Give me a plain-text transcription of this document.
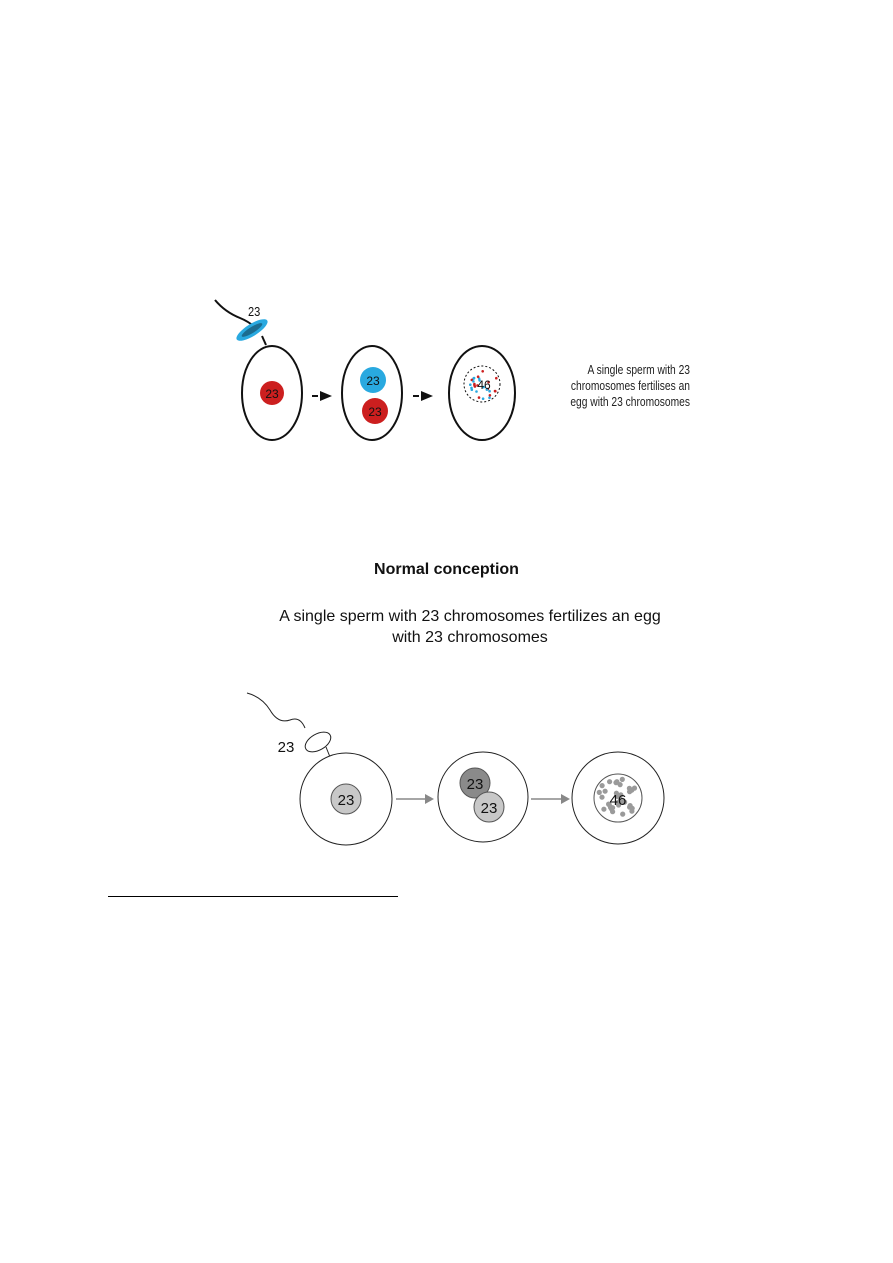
23
23
23
23
46
A single sperm with 23 chromosomes fertilises an egg with 23 chromosomes
Normal conception
A single sperm with 23 chromosomes fertilizes an egg with 23 chromosomes
23
23
23
23	46
